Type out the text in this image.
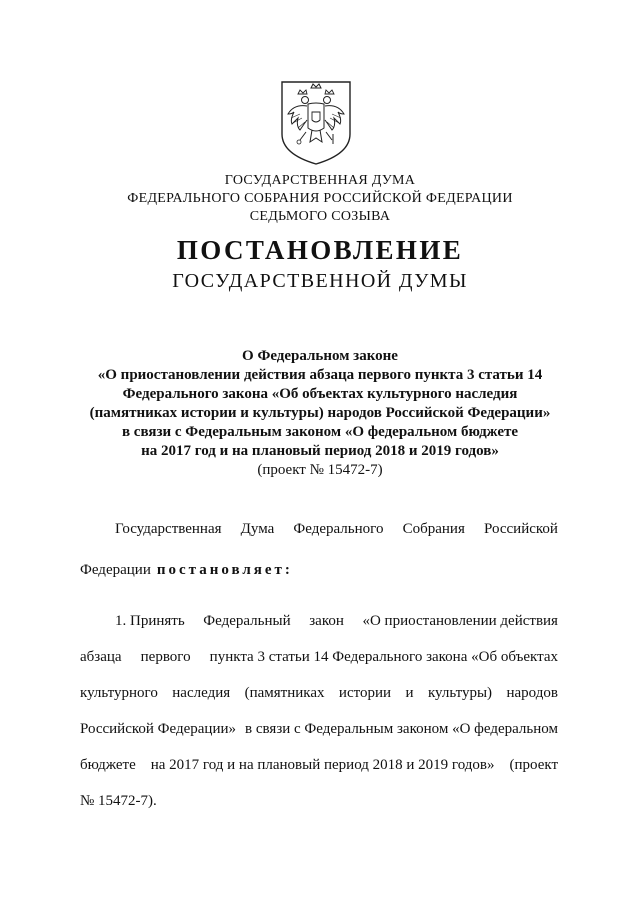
ГОСУДАРСТВЕННАЯ ДУМА
ФЕДЕРАЛЬНОГО СОБРАНИЯ РОССИЙСКОЙ ФЕДЕРАЦИИ
СЕДЬМОГО СОЗЫВА
ПОСТАНОВЛЕНИЕ
ГОСУДАРСТВЕННОЙ ДУМЫ
О Федеральном законе
«О приостановлении действия абзаца первого пункта 3 статьи 14
Федерального закона «Об объектах культурного наследия
(памятниках истории и культуры) народов Российской Федерации»
в связи с Федеральным законом «О федеральном бюджете
на 2017 год и на плановый период 2018 и 2019 годов»
(проект № 15472-7)
Государственная Дума Федерального Собрания Российской
Федерации постановляет:
1. Принять Федеральный закон «О приостановлении действия
абзаца первого пункта 3 статьи 14 Федерального закона «Об объектах
культурного наследия (памятниках истории и культуры) народов
Российской Федерации» в связи с Федеральным законом «О федеральном
бюджете на 2017 год и на плановый период 2018 и 2019 годов» (проект
№ 15472-7).
